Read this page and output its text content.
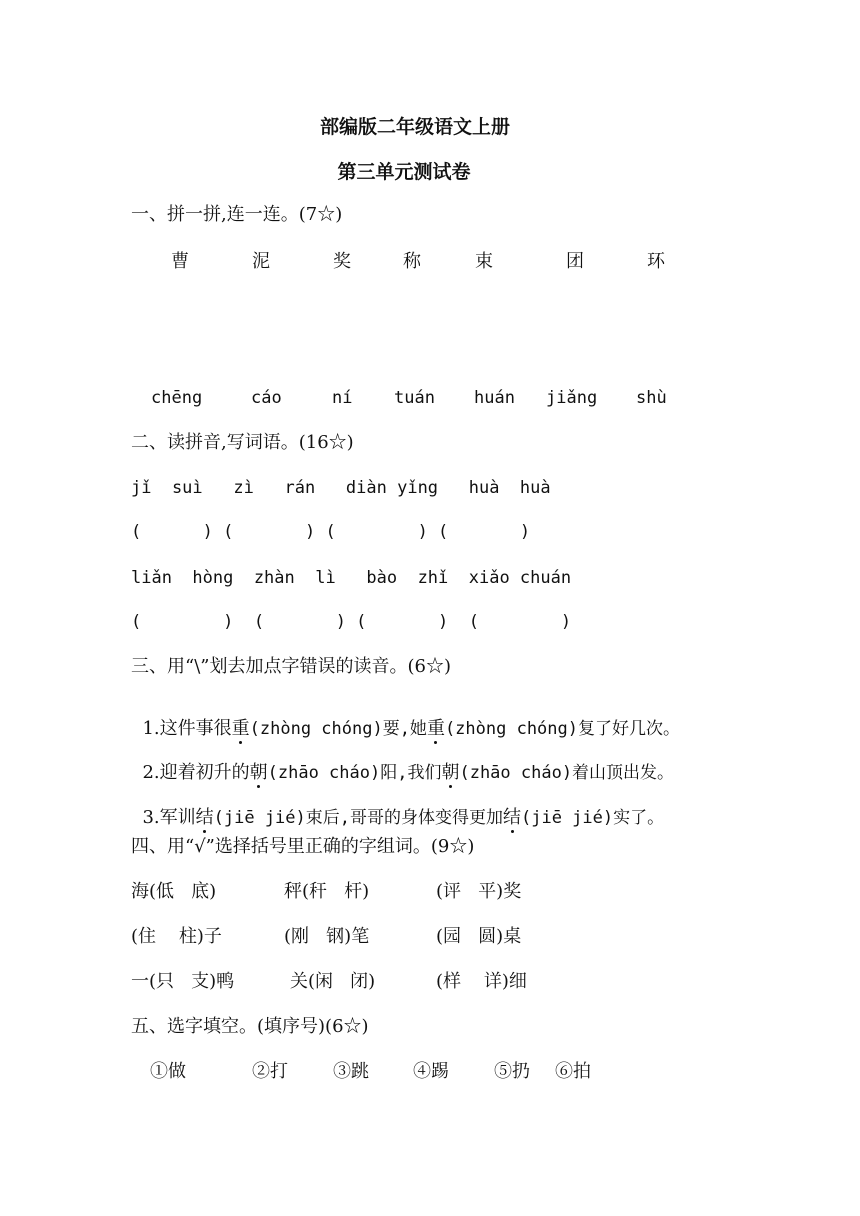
部编版二年级语文上册
第三单元测试卷
一、拼一拼,连一连。(7☆)
曹	泥	奖	称	束	团	环
chēng	cáo	ní tuán huán jiǎng shù
二、读拼音,写词语。(16☆)
jǐ  suì   zì   rán   diàn yǐng   huà  huà
(      ) (       ) (        ) (       )
liǎn  hòng  zhàn  lì   bào  zhǐ  xiǎo chuán
(        )  (       ) (       )  (        )
三、用“\”划去加点字错误的读音。(6☆)

1.这件事很重(zhòng chóng)要,她重(zhòng chóng)复了好几次。

2.迎着初升的朝(zhāo cháo)阳,我们朝(zhāo cháo)着山顶出发。

3.军训结(jiē jié)束后,哥哥的身体变得更加结(jiē jié)实了。

四、用“√”选择括号里正确的字组词。(9☆)
海(低   底)	秤(秆   杆)	(评   平)奖
(住    柱)子	(刚   钢)笔	(园   圆)桌
一(只   支)鸭	关(闲   闭)	(样    详)细
五、选字填空。(填序号)(6☆)
①做	②打	③跳 ④踢	⑤扔 ⑥拍
